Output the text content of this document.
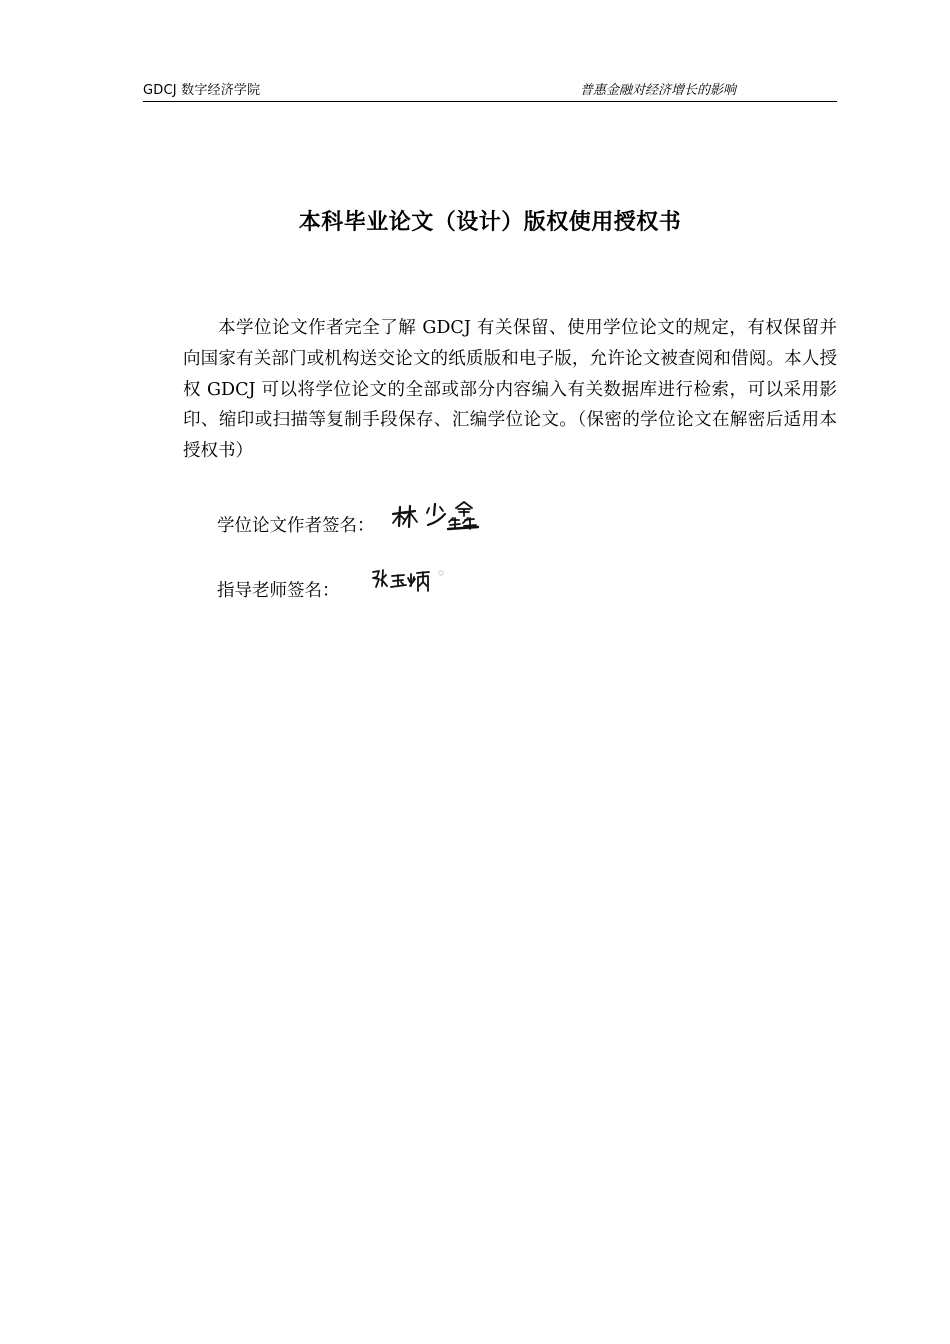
GDCJ 数字经济学院	普惠金融对经济增长的影响
本科毕业论文（设计）版权使用授权书

本学位论文作者完全了解 GDCJ 有关保留、使用学位论文的规定，有权保留并向国家有关部门或机构送交论文的纸质版和电子版，允许论文被查阅和借阅。本人授权 GDCJ 可以将学位论文的全部或部分内容编入有关数据库进行检索，可以采用影印、缩印或扫描等复制手段保存、汇编学位论文。（保密的学位论文在解密后适用本授权书）

学位论文作者签名：
指导老师签名：
